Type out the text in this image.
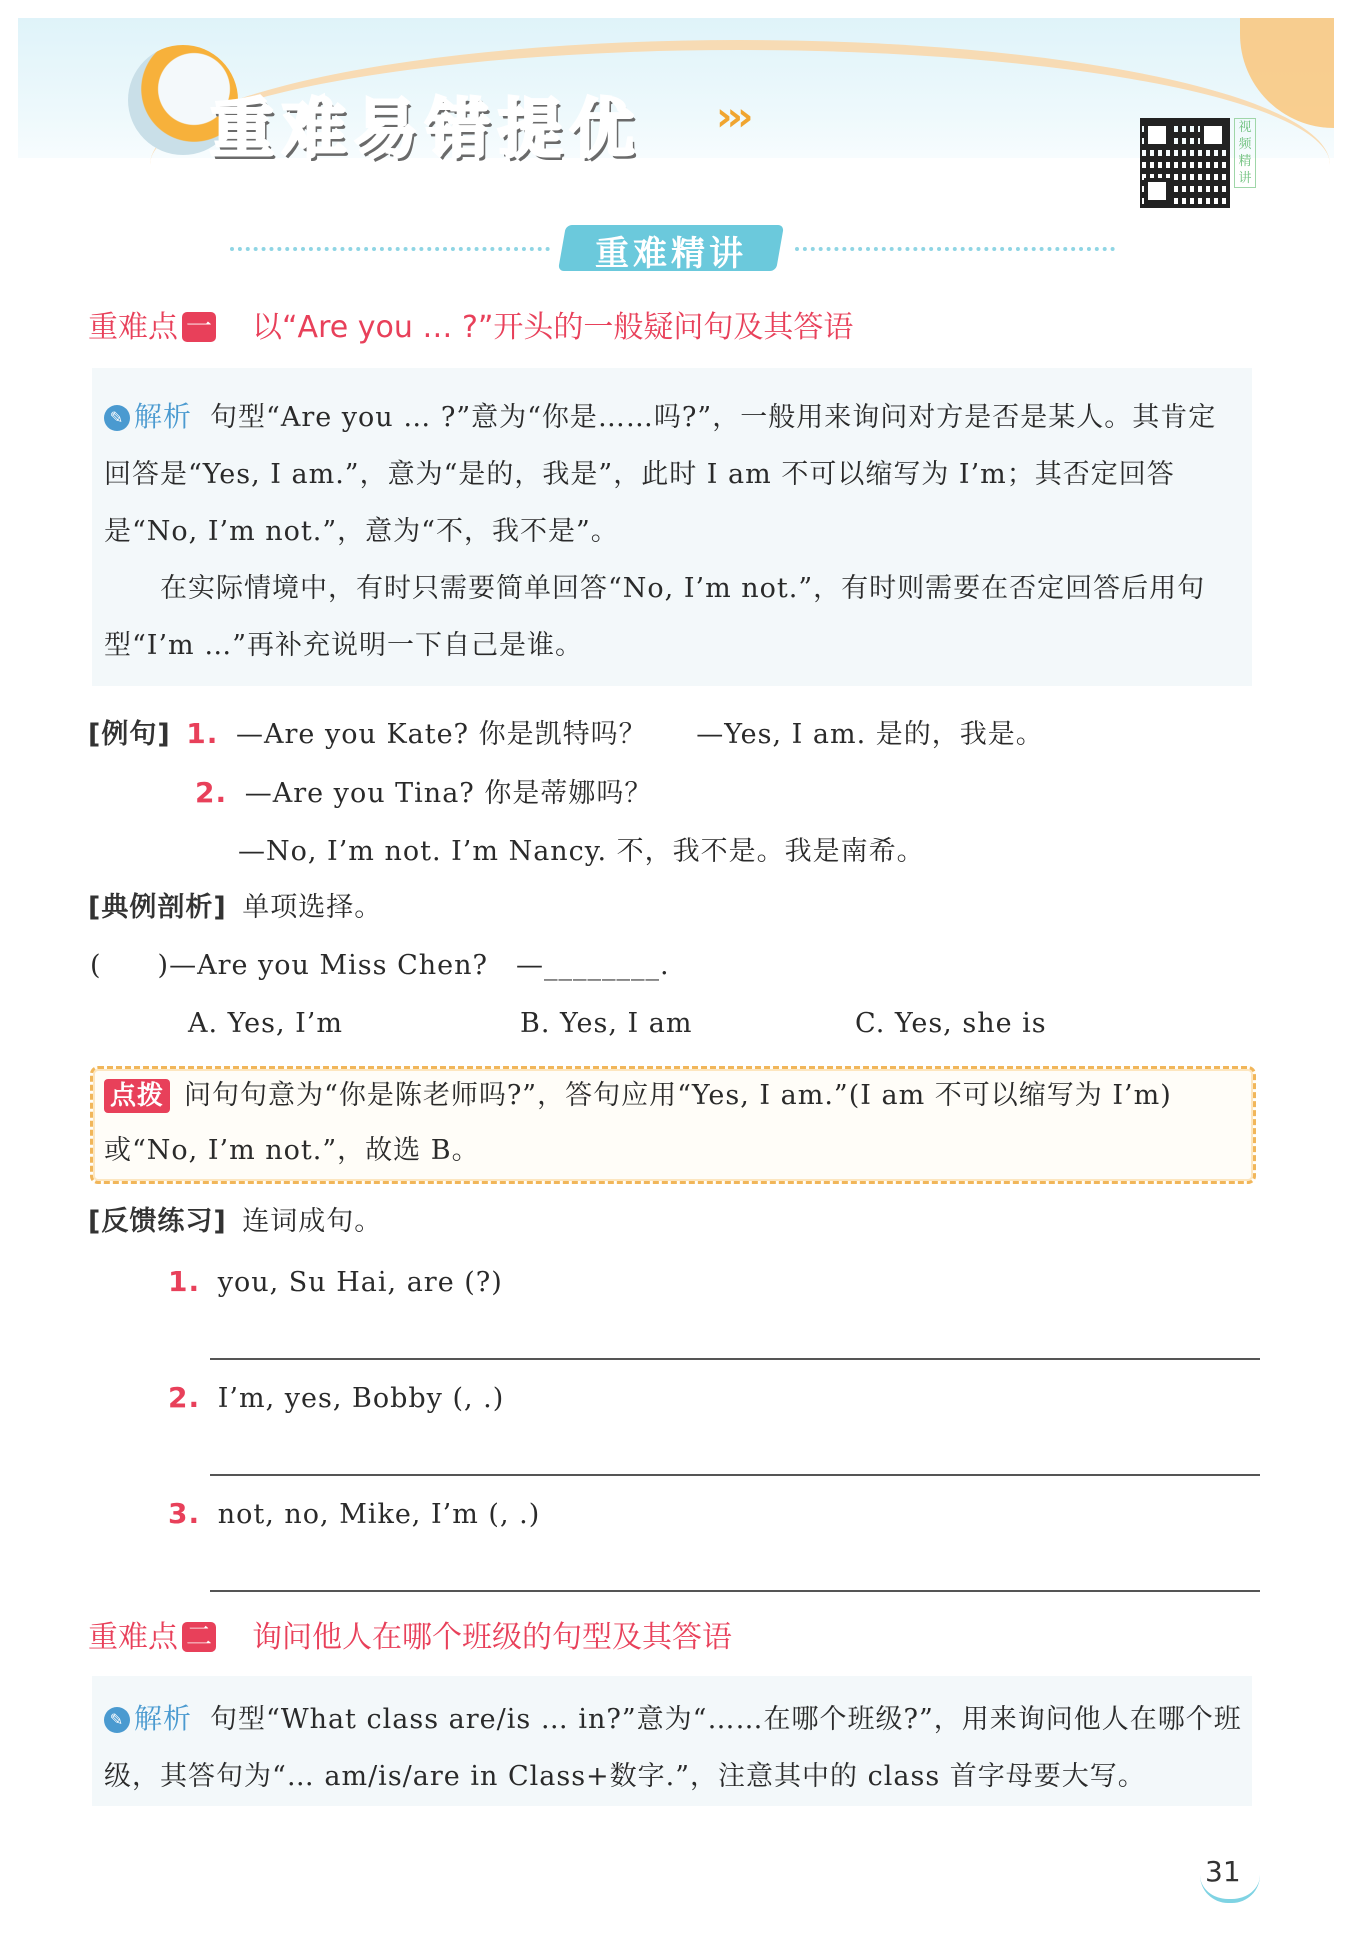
重难易错提优 ›››	视频精讲
重难精讲
重难点 一 以“Are you … ?”开头的一般疑问句及其答语
✎ 解析 句型“Are you … ?”意为“你是……吗?”，一般用来询问对方是否是某人。其肯定回答是“Yes, I am.”，意为“是的，我是”，此时 I am 不可以缩写为 I’m；其否定回答是“No, I’m not.”，意为“不，我不是”。
在实际情境中，有时只需要简单回答“No, I’m not.”，有时则需要在否定回答后用句型“I’m …”再补充说明一下自己是谁。
[例句] 1. —Are you Kate? 你是凯特吗？ —Yes, I am. 是的，我是。
2. —Are you Tina? 你是蒂娜吗？
—No, I’m not. I’m Nancy. 不，我不是。我是南希。
[典例剖析] 单项选择。
(　　)—Are you Miss Chen?　—________.
A. Yes, I’m	B. Yes, I am	C. Yes, she is
点拨 问句句意为“你是陈老师吗?”，答句应用“Yes, I am.”(I am 不可以缩写为 I’m)或“No, I’m not.”，故选 B。
[反馈练习] 连词成句。
1. you, Su Hai, are (?)
2. I’m, yes, Bobby (, .)
3. not, no, Mike, I’m (, .)
重难点 二 询问他人在哪个班级的句型及其答语
✎ 解析 句型“What class are/is … in?”意为“……在哪个班级?”，用来询问他人在哪个班级，其答句为“… am/is/are in Class+数字.”，注意其中的 class 首字母要大写。
31
